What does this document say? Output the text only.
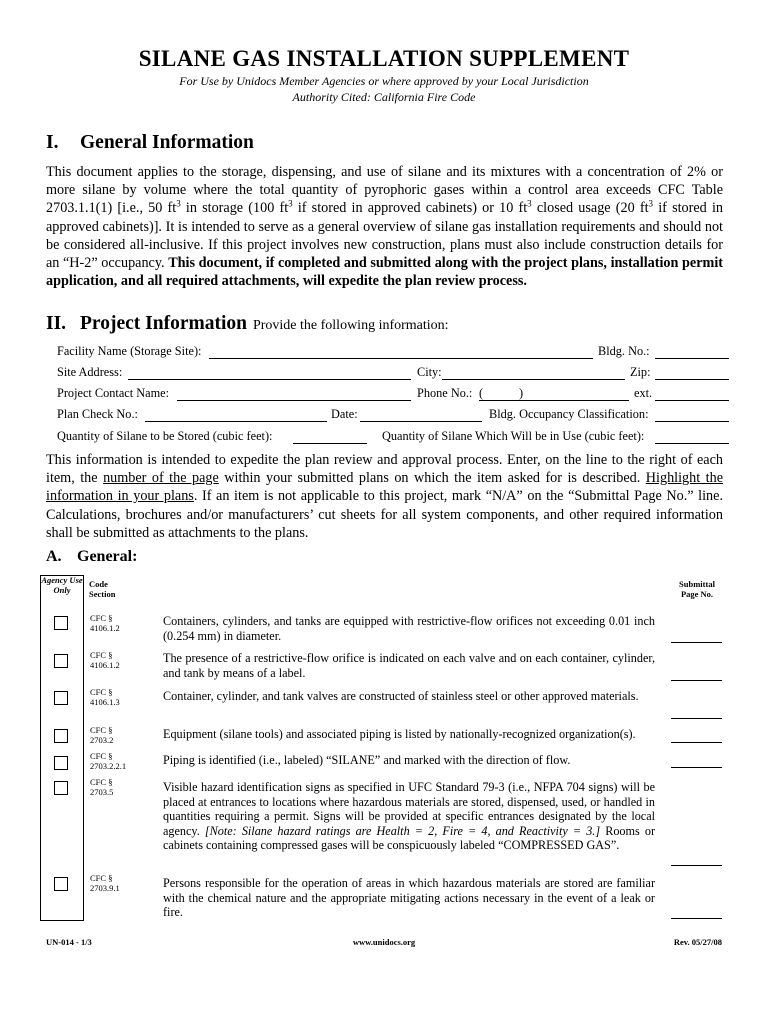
SILANE GAS INSTALLATION SUPPLEMENT
For Use by Unidocs Member Agencies or where approved by your Local Jurisdiction
Authority Cited: California Fire Code
I. General Information
This document applies to the storage, dispensing, and use of silane and its mixtures with a concentration of 2% or more silane by volume where the total quantity of pyrophoric gases within a control area exceeds CFC Table 2703.1.1(1) [i.e., 50 $ft^3$ in storage (100 $ft^3$ if stored in approved cabinets) or 10 $ft^3$ closed usage (20 $ft^3$ if stored in approved cabinets)]. It is intended to serve as a general overview of silane gas installation requirements and should not be considered all-inclusive. If this project involves new construction, plans must also include construction details for an “H-2” occupancy. This document, if completed and submitted along with the project plans, installation permit application, and all required attachments, will expedite the plan review process.
II. Project Information Provide the following information:
Facility Name (Storage Site):	Bldg. No.:
Site Address:	City:	Zip:
Project Contact Name:	Phone No.: (	)	ext.
Plan Check No.:	Date:	Bldg. Occupancy Classification:
Quantity of Silane to be Stored (cubic feet):	Quantity of Silane Which Will be in Use (cubic feet):
This information is intended to expedite the plan review and approval process. Enter, on the line to the right of each item, the number of the page within your submitted plans on which the item asked for is described. Highlight the information in your plans. If an item is not applicable to this project, mark “N/A” on the “Submittal Page No.” line. Calculations, brochures and/or manufacturers’ cut sheets for all system components, and other required information shall be submitted as attachments to the plans.
A. General:
Agency Use Only
Code Section
Submittal Page No.
CFC § 4106.1.2	Containers, cylinders, and tanks are equipped with restrictive-flow orifices not exceeding 0.01 inch (0.254 mm) in diameter.
CFC § 4106.1.2	The presence of a restrictive-flow orifice is indicated on each valve and on each container, cylinder, and tank by means of a label.
CFC § 4106.1.3	Container, cylinder, and tank valves are constructed of stainless steel or other approved materials.
CFC § 2703.2	Equipment (silane tools) and associated piping is listed by nationally-recognized organization(s).
CFC § 2703.2.2.1	Piping is identified (i.e., labeled) “SILANE” and marked with the direction of flow.
CFC § 2703.5	Visible hazard identification signs as specified in UFC Standard 79-3 (i.e., NFPA 704 signs) will be placed at entrances to locations where hazardous materials are stored, dispensed, used, or handled in quantities requiring a permit. Signs will be provided at specific entrances designated by the local agency. [Note: Silane hazard ratings are Health = 2, Fire = 4, and Reactivity = 3.] Rooms or cabinets containing compressed gases will be conspicuously labeled “COMPRESSED GAS”.
CFC § 2703.9.1	Persons responsible for the operation of areas in which hazardous materials are stored are familiar with the chemical nature and the appropriate mitigating actions necessary in the event of a leak or fire.
UN-014 - 1/3	www.unidocs.org	Rev. 05/27/08
